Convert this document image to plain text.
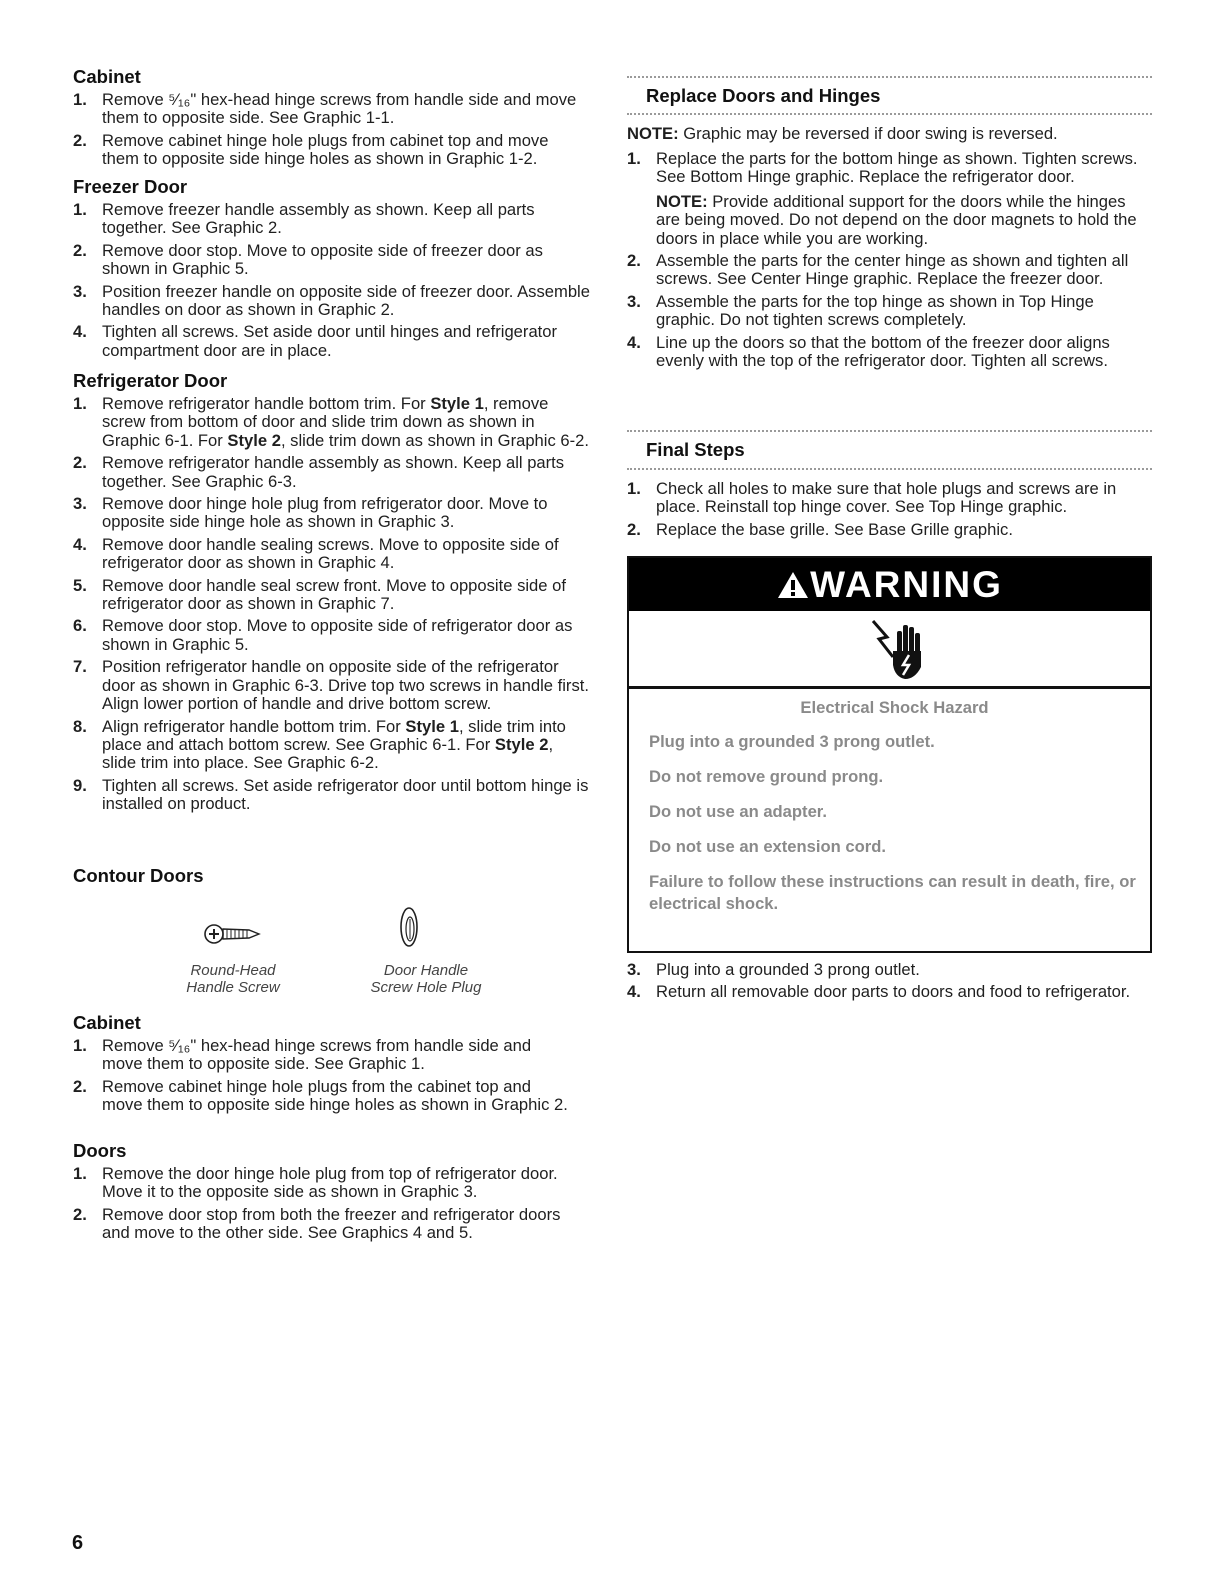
Cabinet
1. Remove ⁵⁄₁₆" hex-head hinge screws from handle side and move them to opposite side. See Graphic 1-1.
2. Remove cabinet hinge hole plugs from cabinet top and move them to opposite side hinge holes as shown in Graphic 1-2.
Freezer Door
1. Remove freezer handle assembly as shown. Keep all parts together. See Graphic 2.
2. Remove door stop. Move to opposite side of freezer door as shown in Graphic 5.
3. Position freezer handle on opposite side of freezer door. Assemble handles on door as shown in Graphic 2.
4. Tighten all screws. Set aside door until hinges and refrigerator compartment door are in place.
Refrigerator Door
1. Remove refrigerator handle bottom trim. For Style 1, remove screw from bottom of door and slide trim down as shown in Graphic 6-1. For Style 2, slide trim down as shown in Graphic 6-2.
2. Remove refrigerator handle assembly as shown. Keep all parts together. See Graphic 6-3.
3. Remove door hinge hole plug from refrigerator door. Move to opposite side hinge hole as shown in Graphic 3.
4. Remove door handle sealing screws. Move to opposite side of refrigerator door as shown in Graphic 4.
5. Remove door handle seal screw front. Move to opposite side of refrigerator door as shown in Graphic 7.
6. Remove door stop. Move to opposite side of refrigerator door as shown in Graphic 5.
7. Position refrigerator handle on opposite side of the refrigerator door as shown in Graphic 6-3. Drive top two screws in handle first. Align lower portion of handle and drive bottom screw.
8. Align refrigerator handle bottom trim. For Style 1, slide trim into place and attach bottom screw. See Graphic 6-1. For Style 2, slide trim into place. See Graphic 6-2.
9. Tighten all screws. Set aside refrigerator door until bottom hinge is installed on product.
Contour Doors
Round-Head
Handle Screw
Door Handle
Screw Hole Plug
Cabinet
1. Remove ⁵⁄₁₆" hex-head hinge screws from handle side and move them to opposite side. See Graphic 1.
2. Remove cabinet hinge hole plugs from the cabinet top and move them to opposite side hinge holes as shown in Graphic 2.
Doors
1. Remove the door hinge hole plug from top of refrigerator door. Move it to the opposite side as shown in Graphic 3.
2. Remove door stop from both the freezer and refrigerator doors and move to the other side. See Graphics 4 and 5.
Replace Doors and Hinges
NOTE: Graphic may be reversed if door swing is reversed.
1. Replace the parts for the bottom hinge as shown. Tighten screws. See Bottom Hinge graphic. Replace the refrigerator door.
NOTE: Provide additional support for the doors while the hinges are being moved. Do not depend on the door magnets to hold the doors in place while you are working.
2. Assemble the parts for the center hinge as shown and tighten all screws. See Center Hinge graphic. Replace the freezer door.
3. Assemble the parts for the top hinge as shown in Top Hinge graphic. Do not tighten screws completely.
4. Line up the doors so that the bottom of the freezer door aligns evenly with the top of the refrigerator door. Tighten all screws.
Final Steps
1. Check all holes to make sure that hole plugs and screws are in place. Reinstall top hinge cover. See Top Hinge graphic.
2. Replace the base grille. See Base Grille graphic.
WARNING
Electrical Shock Hazard

Plug into a grounded 3 prong outlet.

Do not remove ground prong.

Do not use an adapter.

Do not use an extension cord.

Failure to follow these instructions can result in death, fire, or electrical shock.

3. Plug into a grounded 3 prong outlet.
4. Return all removable door parts to doors and food to refrigerator.
6
